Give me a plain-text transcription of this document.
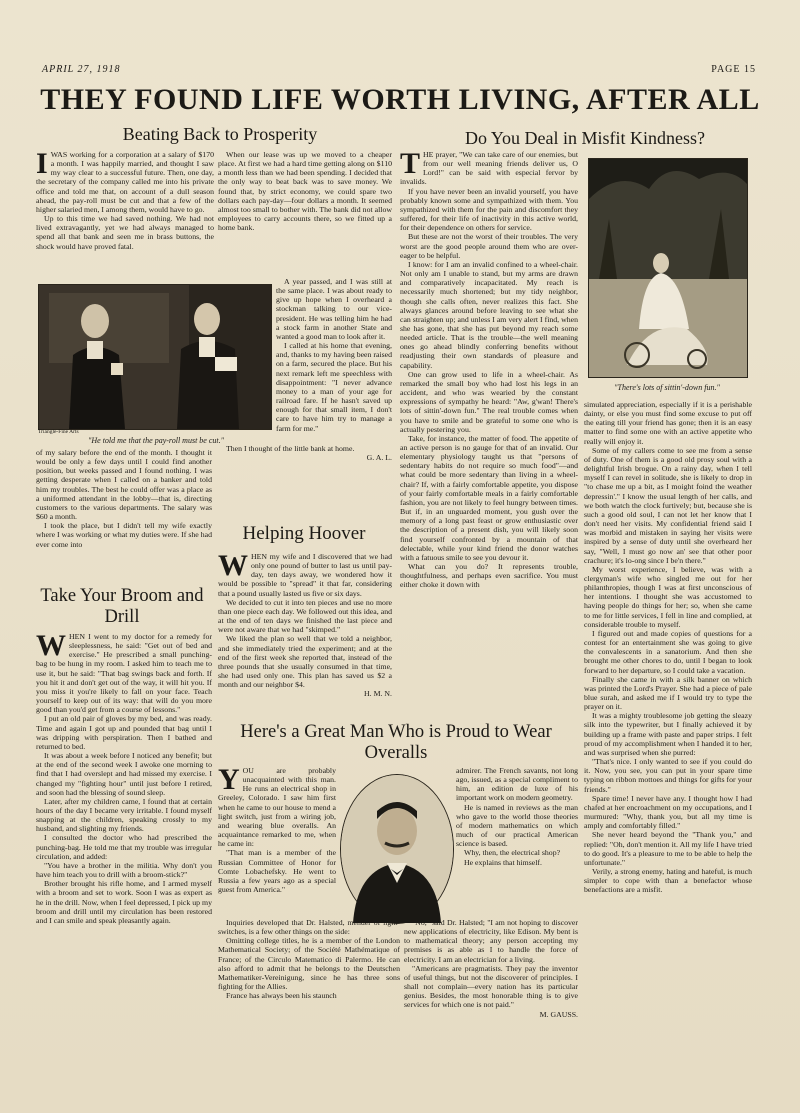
APRIL 27, 1918	PAGE 15
THEY FOUND LIFE WORTH LIVING, AFTER ALL
Beating Back to Prosperity

IWAS working for a corporation at a salary of $170 a month. I was happily married, and thought I saw my way clear to a successful future. Then, one day, the secretary of the company called me into his private office and told me that, on account of a dull season ahead, the pay-roll must be cut and that a few of the higher salaried men, I among them, would have to go.

Up to this time we had saved nothing. We had not lived extravagantly, yet we had always managed to spend all that bank and seen me in brass buttons, the shock would have proved fatal.

When our lease was up we moved to a cheaper place. At first we had a hard time getting along on $110 a month less than we had been spending. I decided that the only way to beat back was to save money. We found that, by strict economy, we could spare two dollars each pay-day—four dollars a month. It seemed almost too small to bother with. The bank did not allow employees to carry accounts there, so we fitted up a home bank.

Triangle-Fine Arts
"He told me that the pay-roll must be cut."

A year passed, and I was still at the same place. I was about ready to give up hope when I overheard a stockman talking to our vice-president. He was telling him he had a stock farm in another State and wanted a good man to look after it.

I called at his home that evening, and, thanks to my having been raised on a farm, secured the place. But his next remark left me speechless with disappointment: "I never advance money to a man of your age for railroad fare. If he hasn't saved up enough for that small item, I don't care to have him try to manage a farm for me."

Then I thought of the little bank at home.

G. A. L.

of my salary before the end of the month. I thought it would be only a few days until I could find another position, but weeks passed and I found nothing. I was getting desperate when I called on a banker and told him my troubles. The best he could offer was a place as a uniformed attendant in the lobby—that is, directing customers to the various departments. The salary was $60 a month.

I took the place, but I didn't tell my wife exactly where I was working or what my duties were. If she had ever come into

Take Your Broom and Drill

WHEN I went to my doctor for a remedy for sleeplessness, he said: "Get out of bed and exercise." He prescribed a small punching-bag to be hung in my room. I asked him to teach me to use it, but he said: "That bag swings back and forth. If you hit it and don't get out of the way, it will hit you. If you miss it you're likely to fall on your face. Teach yourself to keep out of its way: that will do you more good than you'd get from a course of lessons."

I put an old pair of gloves by my bed, and was ready. Time and again I got up and pounded that bag until I was dripping with perspiration. Then I bathed and returned to bed.

It was about a week before I noticed any benefit; but at the end of the second week I awoke one morning to find that I had overslept and had missed my exercise. I changed my "fighting hour" until just before I retired, and soon had the blessing of sound sleep.

Later, after my children came, I found that at certain hours of the day I became very irritable. I found myself snapping at the children, speaking crossly to my husband, and slighting my friends.

I consulted the doctor who had prescribed the punching-bag. He told me that my trouble was irregular circulation, and added:

"You have a brother in the militia. Why don't you have him teach you to drill with a broom-stick?"

Brother brought his rifle home, and I armed myself with a broom and set to work. Soon I was as expert as he in the drill. Now, when I feel depressed, I pick up my broom and drill until my circulation has been restored and I can smile and speak pleasantly again.

Helping Hoover

WHEN my wife and I discovered that we had only one pound of butter to last us until pay-day, ten days away, we wondered how it would be possible to "spread" it that far, considering that a pound usually lasted us five or six days.

We decided to cut it into ten pieces and use no more than one piece each day. We followed out this idea, and at the end of ten days we finished the last piece and were not aware that we had "skimped."

We liked the plan so well that we told a neighbor, and she immediately tried the experiment; and at the end of the first week she reported that, instead of the three pounds that she usually consumed in that time, she had used only one. This plan has saved us $2 a month and our neighbor $4.

H. M. N.

Do You Deal in Misfit Kindness?

THE prayer, "We can take care of our enemies, but from our well meaning friends deliver us, O Lord!" can be said with especial fervor by invalids.

If you have never been an invalid yourself, you have probably known some and sympathized with them. You sympathized with them for the pain and discomfort they suffered, for their life of inactivity in this active world, for their dependence on others for service.

But these are not the worst of their troubles. The very worst are the good people around them who are over-eager to be helpful.

I know: for I am an invalid confined to a wheel-chair. Not only am I unable to stand, but my arms are drawn and comparatively incapacitated. My reach is necessarily much shortened; but my tidy neighbor, though she calls often, never realizes this fact. She always glances around before leaving to see what she can straighten up; and unless I am very alert I find, when she has gone, that she has put beyond my reach some needed article. That is the trouble—the well meaning ones go ahead blindly conferring benefits without readjusting their own standards of pleasure and capability.

One can grow used to life in a wheel-chair. As remarked the small boy who had lost his legs in an accident, and who was wearied by the constant expressions of sympathy he heard: "Aw, g'wan! There's lots of sittin'-down fun." The real trouble comes when you have to smile and be grateful to some one who is actually pestering you.

Take, for instance, the matter of food. The appetite of an active person is no gauge for that of an invalid. Our elementary physiology taught us that "persons of sedentary habits do not require so much food"—and what could be more sedentary than living in a wheel-chair? If, with a fairly comfortable appetite, you dispose of your fairly comfortable meals in a fairly comfortable fashion, you are not likely to feel hungry between times. But if, in an unguarded moment, you gush over the memory of a long past feast or grow enthusiastic over the description of a present dish, you will likely soon find yourself confronted by a mountain of that delectable, while your kind friend the donor watches with a fatuous smile to see you devour it.

What can you do? It represents trouble, thoughtfulness, and perhaps even sacrifice. You must either choke it down with

"There's lots of sittin'-down fun."

simulated appreciation, especially if it is a perishable dainty, or else you must find some excuse to put off the eating till your friend has gone; then it is an easy matter to find some one with an active appetite who really will enjoy it.

Some of my callers come to see me from a sense of duty. One of them is a good old prosy soul with a delightful Irish brogue. On a rainy day, when I tell myself I can revel in solitude, she is likely to drop in "to chase me up a bit, as I moight foind the weather depressin'." I know the usual length of her calls, and we both watch the clock furtively; but, because she is such a good old soul, I can not let her know that I don't need her visits. My confidential friend said I was morbid and mistaken in saying her visits were inspired by a sense of duty until she overheard her say, "Well, I must go now an' see that other poor crachure; it's lo-ong since I be'n there."

My worst experience, I believe, was with a clergyman's wife who singled me out for her philanthropies, though I was at first unconscious of her intentions. I thought she was accustomed to having people do things for her; so, when she came to me for little services, I fell in line and complied, at considerable trouble to myself.

I figured out and made copies of questions for a contest for an entertainment she was going to give the convalescents in a sanatorium. And then she brought me other chores to do, until I began to look forward to her departure, so I could take a vacation.

Finally she came in with a silk banner on which was printed the Lord's Prayer. She had a piece of pale blue surah, and asked me if I would try to type the prayer on it.

It was a mighty troublesome job getting the sleazy silk into the typewriter, but I finally achieved it by building up a frame with paste and paper strips. I felt proud of my accomplishment when I handed it to her, and was surprised when she purred:

"That's nice. I only wanted to see if you could do it. Now, you see, you can put in your spare time typing on ribbon mottoes and things for gifts for your friends."

Spare time! I never have any. I thought how I had chafed at her encroachment on my occupations, and I murmured: "Why, thank you, but all my time is amply and comfortably filled."

She never heard beyond the "Thank you," and replied: "Oh, don't mention it. All my life I have tried to do good. It's a pleasure to me to be able to help the unfortunate."

Verily, a strong enemy, hating and hateful, is much simpler to cope with than a benefactor whose benefactions are a misfit.

Here's a Great Man Who is Proud to Wear Overalls

YOU are probably unacquainted with this man. He runs an electrical shop in Greeley, Colorado. I saw him first when he came to our house to mend a light switch, just from a wiring job, and wearing blue overalls. An acquaintance remarked to me, when he came in:

"That man is a member of the Russian Committee of Honor for Comte Lobachefsky. He went to Russia a few years ago as a special guest from America."

Inquiries developed that Dr. Halsted, mender of light-switches, is a few other things on the side:

Omitting college titles, he is a member of the London Mathematical Society; of the Société Mathématique of France; of the Circulo Matematico di Palermo. He can also afford to admit that he belongs to the Deutschen Mathematiker-Vereinigung, since he has three sons fighting for the Allies.

France has always been his staunch

admirer. The French savants, not long ago, issued, as a special compliment to him, an edition de luxe of his important work on modern geometry.

He is named in reviews as the man who gave to the world those theories of modern mathematics on which much of our practical American science is based.

Why, then, the electrical shop?

He explains that himself.

"No," said Dr. Halsted; "I am not hoping to discover new applications of electricity, like Edison. My bent is to mathematical theory; any person accepting my premises is as able as I to handle the force of electricity. I am an electrician for a living.

"Americans are pragmatists. They pay the inventor of useful things, but not the discoverer of principles. I shall not complain—every nation has its particular genius. Besides, the most honorable thing is to give services for which one is not paid."

M. GAUSS.
